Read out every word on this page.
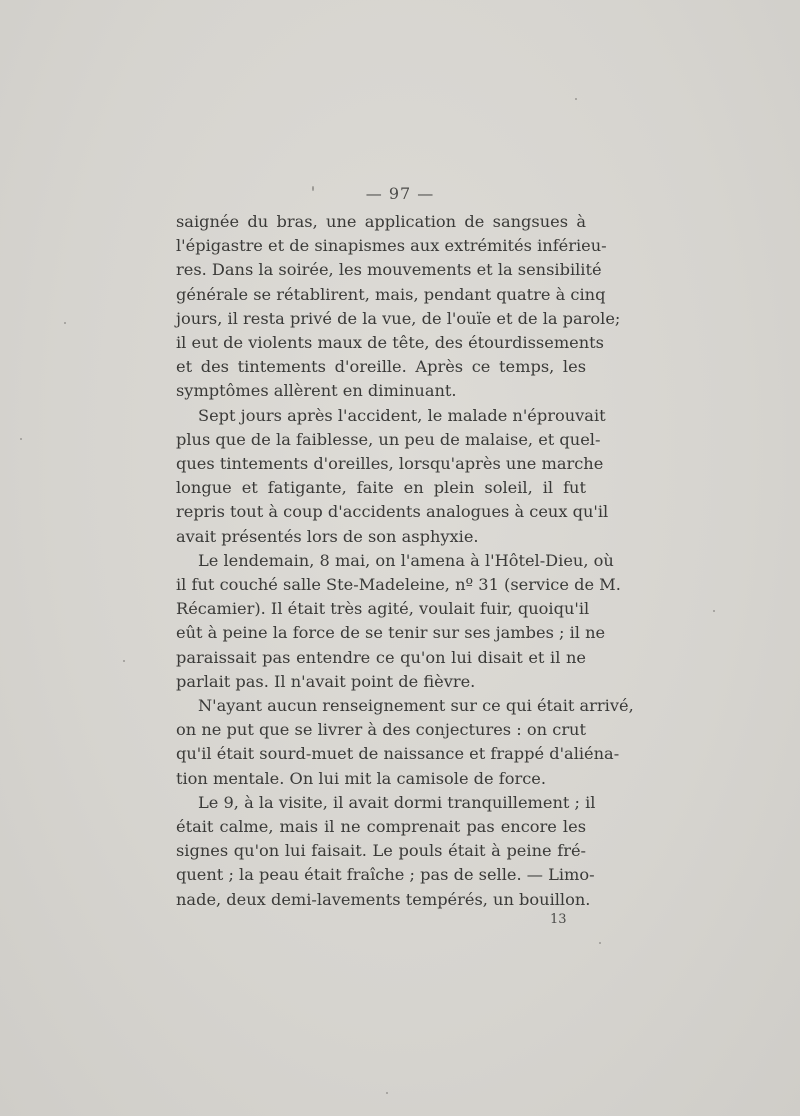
— 97 —

saignée du bras, une application de sangsues à
l'épigastre et de sinapismes aux extrémités inférieu-
res. Dans la soirée, les mouvements et la sensibilité
générale se rétablirent, mais, pendant quatre à cinq
jours, il resta privé de la vue, de l'ouïe et de la parole;
il eut de violents maux de tête, des étourdissements
et des tintements d'oreille. Après ce temps, les
symptômes allèrent en diminuant.

Sept jours après l'accident, le malade n'éprouvait
plus que de la faiblesse, un peu de malaise, et quel-
ques tintements d'oreilles, lorsqu'après une marche
longue et fatigante, faite en plein soleil, il fut
repris tout à coup d'accidents analogues à ceux qu'il
avait présentés lors de son asphyxie.

Le lendemain, 8 mai, on l'amena à l'Hôtel-Dieu, où
il fut couché salle Ste-Madeleine, nº 31 (service de M.
Récamier). Il était très agité, voulait fuir, quoiqu'il
eût à peine la force de se tenir sur ses jambes ; il ne
paraissait pas entendre ce qu'on lui disait et il ne
parlait pas. Il n'avait point de fièvre.

N'ayant aucun renseignement sur ce qui était arrivé,
on ne put que se livrer à des conjectures : on crut
qu'il était sourd-muet de naissance et frappé d'aliéna-
tion mentale. On lui mit la camisole de force.

Le 9, à la visite, il avait dormi tranquillement ; il
était calme, mais il ne comprenait pas encore les
signes qu'on lui faisait. Le pouls était à peine fré-
quent ; la peau était fraîche ; pas de selle. — Limo-
nade, deux demi-lavements tempérés, un bouillon.

13
